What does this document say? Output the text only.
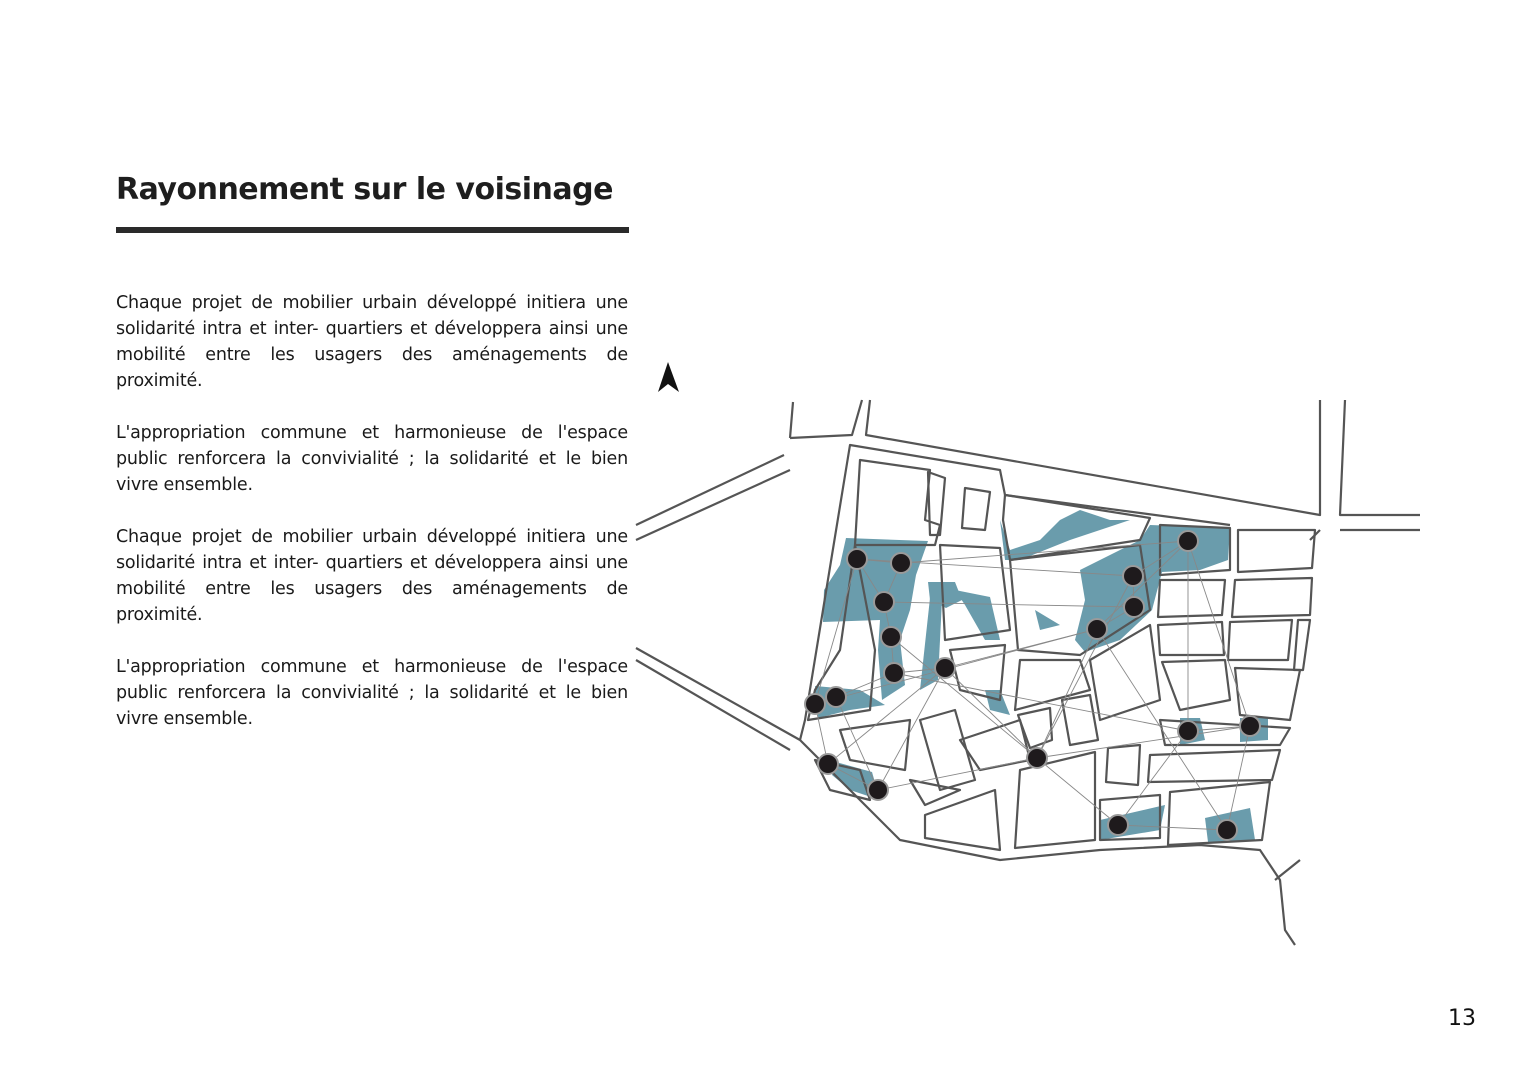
Rayonnement sur le voisinage

Chaque projet de mobilier urbain développé initiera une solidarité intra et inter- quartiers et développera ainsi une mobilité entre les usagers des aménagements de proximité.

L'appropriation commune et harmonieuse de l'espace public renforcera la convivialité ; la solidarité et le bien vivre ensemble.

Chaque projet de mobilier urbain développé initiera une solidarité intra et inter- quartiers et développera ainsi une mobilité entre les usagers des aménagements de proximité.

L'appropriation commune et harmonieuse de l'espace public renforcera la convivialité ; la solidarité et le bien vivre ensemble.

13
